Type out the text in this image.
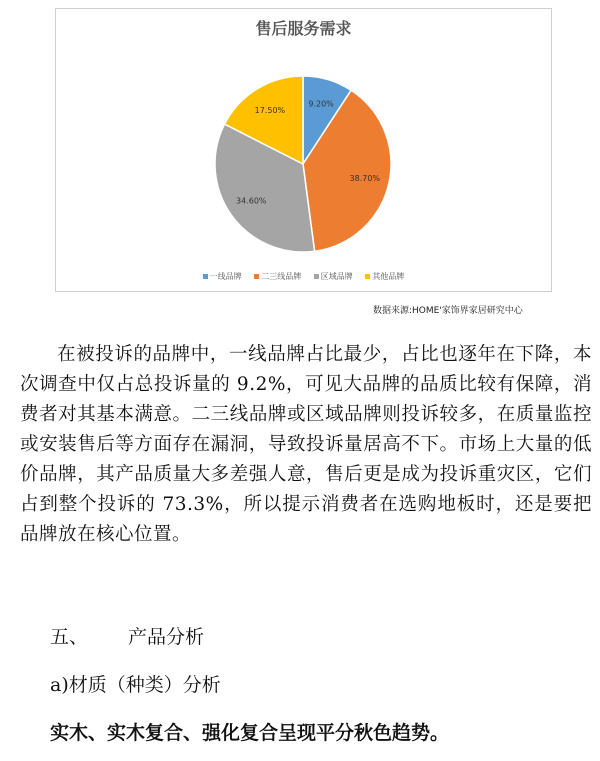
售后服务需求
9.20%
38.70%
34.60%
17.50%
一线品牌 二三线品牌 区域品牌 其他品牌
数据来源:HOME'家饰界家居研究中心

在被投诉的品牌中，一线品牌占比最少，占比也逐年在下降，本次调查中仅占总投诉量的 9.2%，可见大品牌的品质比较有保障，消费者对其基本满意。二三线品牌或区域品牌则投诉较多，在质量监控或安装售后等方面存在漏洞，导致投诉量居高不下。市场上大量的低价品牌，其产品质量大多差强人意，售后更是成为投诉重灾区，它们占到整个投诉的 73.3%，所以提示消费者在选购地板时，还是要把品牌放在核心位置。

五、 产品分析
a)材质（种类）分析
实木、实木复合、强化复合呈现平分秋色趋势。
